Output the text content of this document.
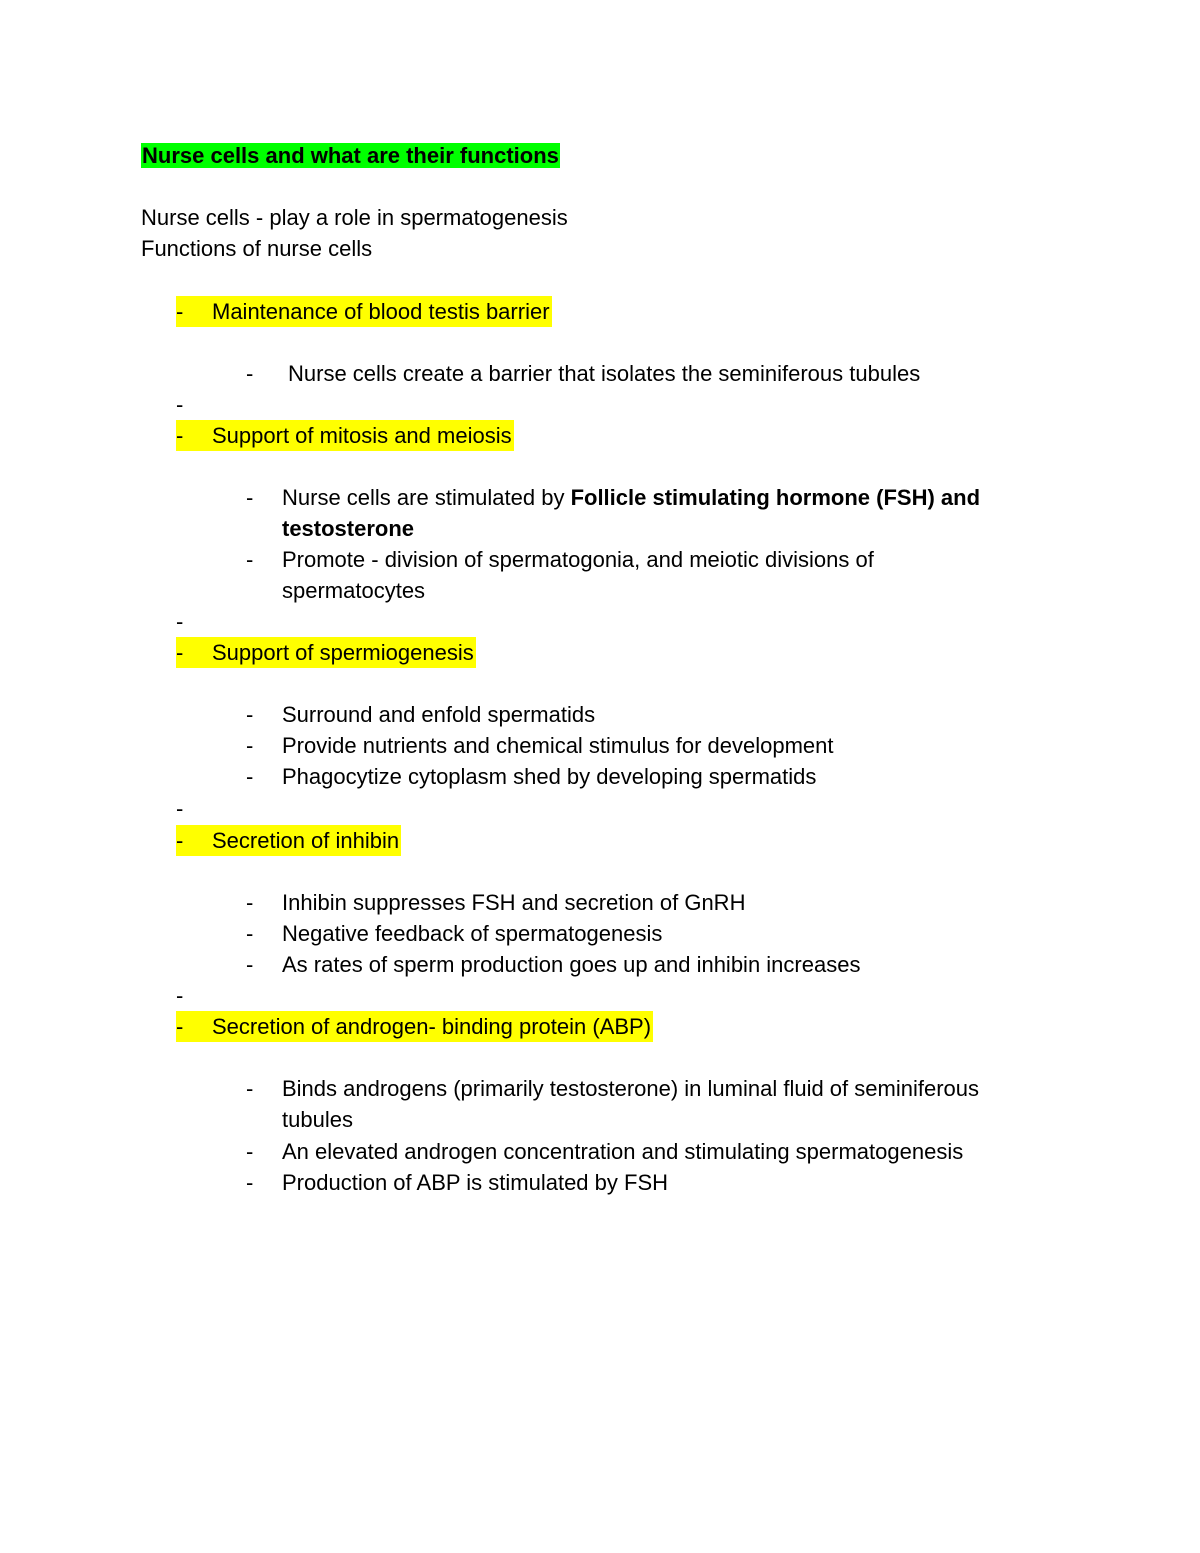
Nurse cells and what are their functions
Nurse cells - play a role in spermatogenesis
Functions of nurse cells
- Maintenance of blood testis barrier
- Nurse cells create a barrier that isolates the seminiferous tubules
-
- Support of mitosis and meiosis
- Nurse cells are stimulated by Follicle stimulating hormone (FSH) and testosterone
- Promote - division of spermatogonia, and meiotic divisions of spermatocytes
-
- Support of spermiogenesis
- Surround and enfold spermatids
- Provide nutrients and chemical stimulus for development
- Phagocytize cytoplasm shed by developing spermatids
-
- Secretion of inhibin
- Inhibin suppresses FSH and secretion of GnRH
- Negative feedback of spermatogenesis
- As rates of sperm production goes up and inhibin increases
-
- Secretion of androgen- binding protein (ABP)
- Binds androgens (primarily testosterone) in luminal fluid of seminiferous tubules
- An elevated androgen concentration and stimulating spermatogenesis
- Production of ABP is stimulated by FSH
